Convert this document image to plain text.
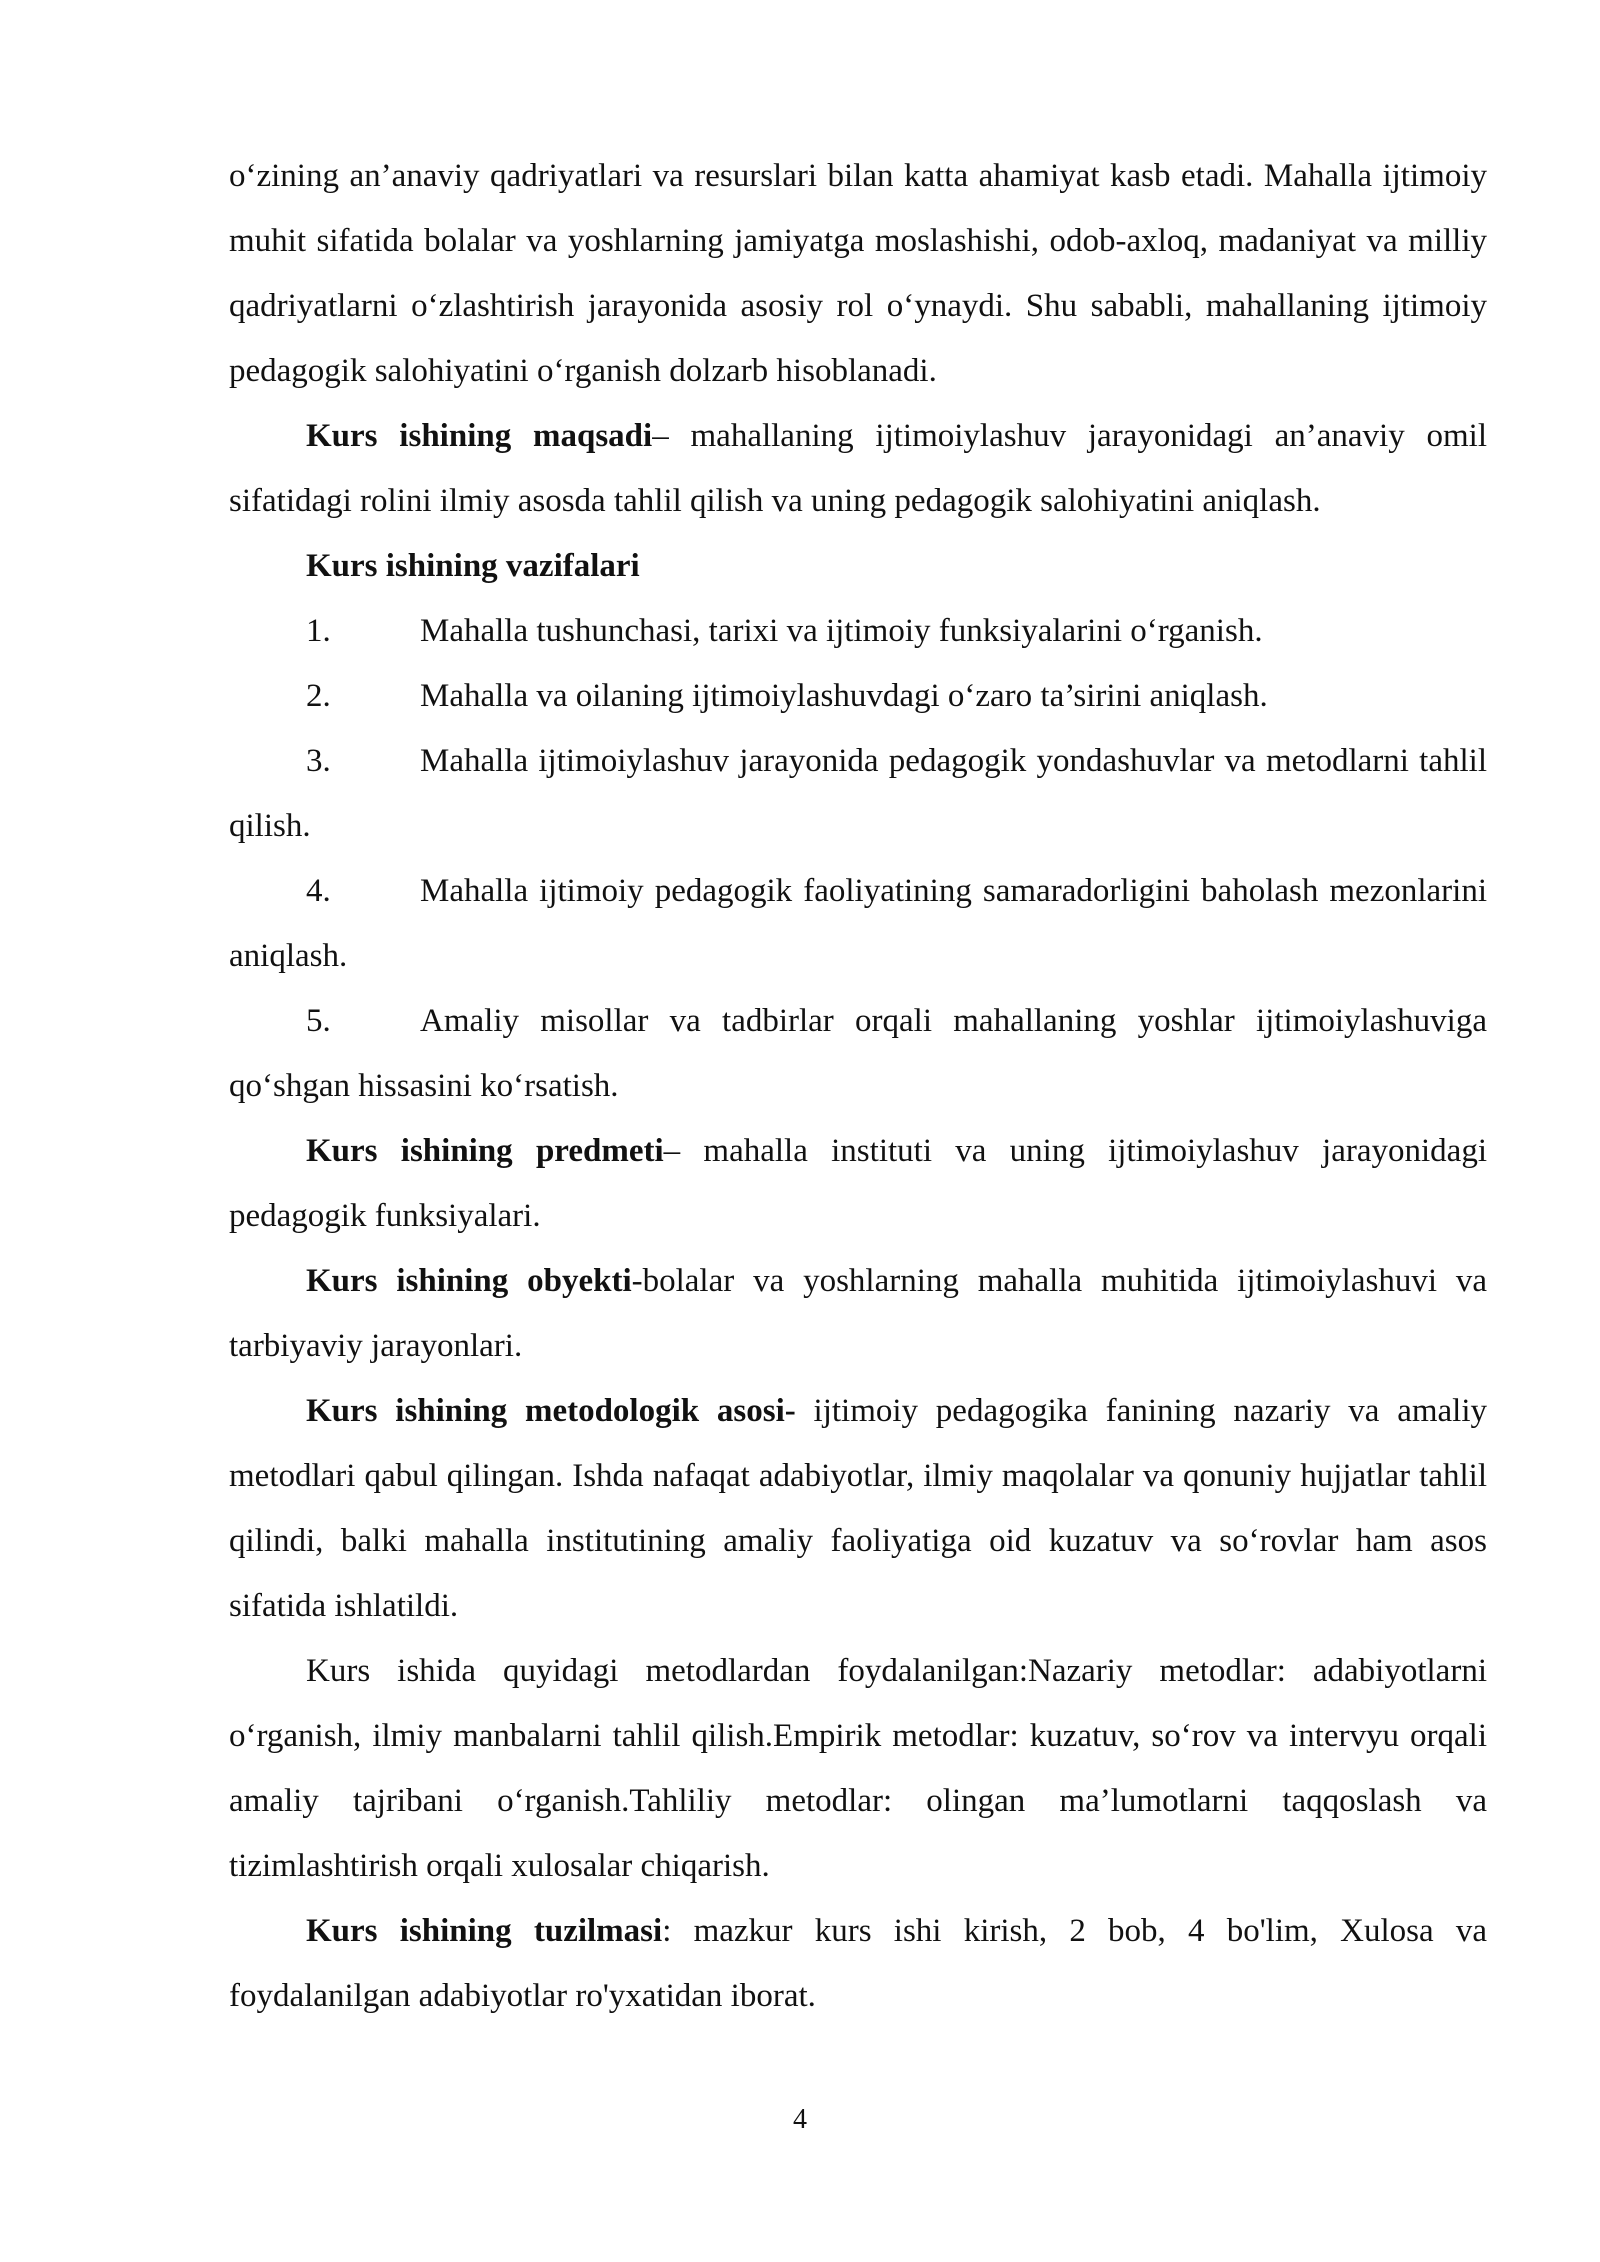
o‘zining an’anaviy qadriyatlari va resurslari bilan katta ahamiyat kasb etadi. Mahalla ijtimoiy muhit sifatida bolalar va yoshlarning jamiyatga moslashishi, odob-axloq, madaniyat va milliy qadriyatlarni o‘zlashtirish jarayonida asosiy rol o‘ynaydi. Shu sababli, mahallaning ijtimoiy pedagogik salohiyatini o‘rganish dolzarb hisoblanadi.

Kurs ishining maqsadi– mahallaning ijtimoiylashuv jarayonidagi an’anaviy omil sifatidagi rolini ilmiy asosda tahlil qilish va uning pedagogik salohiyatini aniqlash.

Kurs ishining vazifalari

1.	Mahalla tushunchasi, tarixi va ijtimoiy funksiyalarini o‘rganish.

2.	Mahalla va oilaning ijtimoiylashuvdagi o‘zaro ta’sirini aniqlash.

3.	Mahalla ijtimoiylashuv jarayonida pedagogik yondashuvlar va metodlarni tahlil qilish.

4.	Mahalla ijtimoiy pedagogik faoliyatining samaradorligini baholash mezonlarini aniqlash.

5.	Amaliy misollar va tadbirlar orqali mahallaning yoshlar ijtimoiylashuviga qo‘shgan hissasini ko‘rsatish.

Kurs ishining predmeti– mahalla instituti va uning ijtimoiylashuv jarayonidagi pedagogik funksiyalari.

Kurs ishining obyekti-bolalar va yoshlarning mahalla muhitida ijtimoiylashuvi va tarbiyaviy jarayonlari.

Kurs ishining metodologik asosi- ijtimoiy pedagogika fanining nazariy va amaliy metodlari qabul qilingan. Ishda nafaqat adabiyotlar, ilmiy maqolalar va qonuniy hujjatlar tahlil qilindi, balki mahalla institutining amaliy faoliyatiga oid kuzatuv va so‘rovlar ham asos sifatida ishlatildi.

Kurs ishida quyidagi metodlardan foydalanilgan:Nazariy metodlar: adabiyotlarni o‘rganish, ilmiy manbalarni tahlil qilish.Empirik metodlar: kuzatuv, so‘rov va intervyu orqali amaliy tajribani o‘rganish.Tahliliy metodlar: olingan ma’lumotlarni taqqoslash va tizimlashtirish orqali xulosalar chiqarish.

Kurs ishining tuzilmasi: mazkur kurs ishi kirish, 2 bob, 4 bo'lim, Xulosa va foydalanilgan adabiyotlar ro'yxatidan iborat.

4
